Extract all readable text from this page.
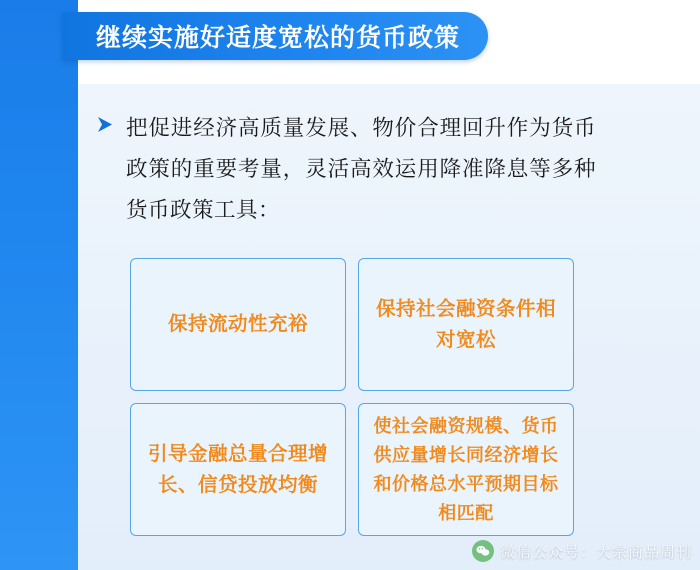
继续实施好适度宽松的货币政策
把促进经济高质量发展、物价合理回升作为货币政策的重要考量，灵活高效运用降准降息等多种货币政策工具：
保持流动性充裕
保持社会融资条件相对宽松
引导金融总量合理增长、信贷投放均衡
使社会融资规模、货币供应量增长同经济增长和价格总水平预期目标相匹配
微信公众号：大宗商品周刊
